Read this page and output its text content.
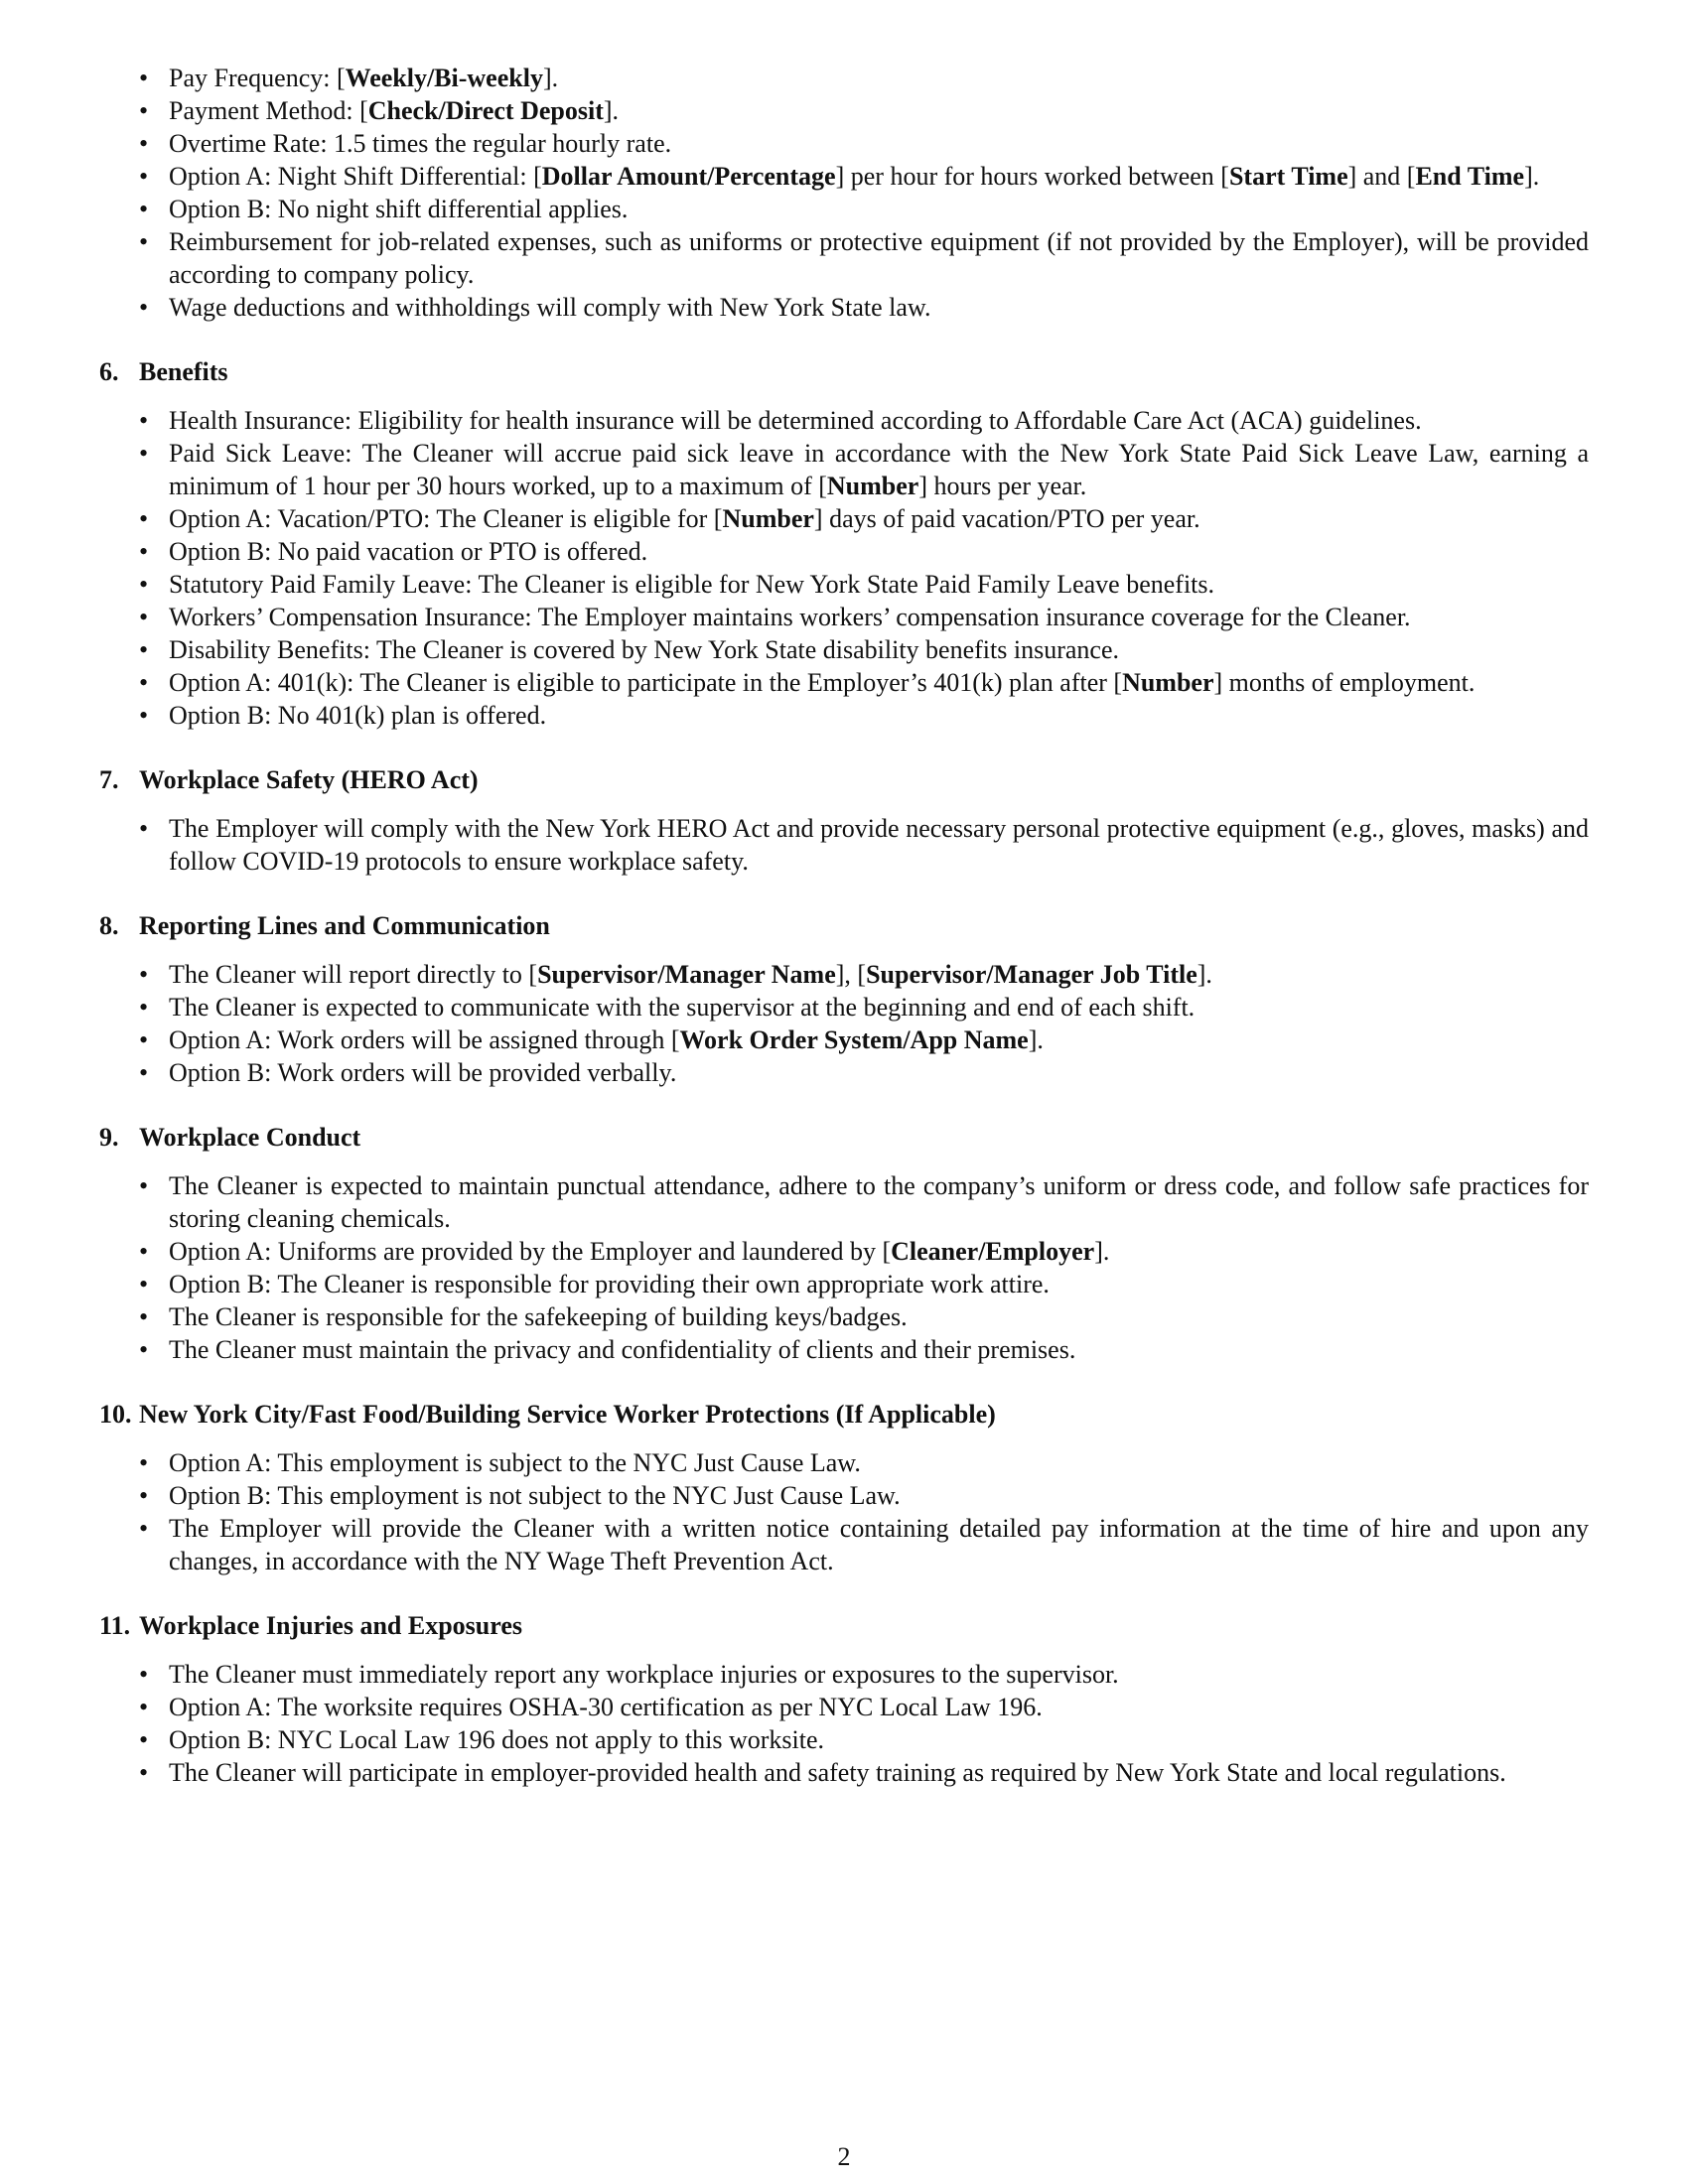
• Pay Frequency: [Weekly/Bi-weekly].
• Payment Method: [Check/Direct Deposit].
• Overtime Rate: 1.5 times the regular hourly rate.
• Option A: Night Shift Differential: [Dollar Amount/Percentage] per hour for hours worked between [Start Time] and [End Time].
• Option B: No night shift differential applies.
• Reimbursement for job-related expenses, such as uniforms or protective equipment (if not provided by the Employer), will be provided according to company policy.
• Wage deductions and withholdings will comply with New York State law.
6. Benefits
• Health Insurance: Eligibility for health insurance will be determined according to Affordable Care Act (ACA) guidelines.
• Paid Sick Leave: The Cleaner will accrue paid sick leave in accordance with the New York State Paid Sick Leave Law, earning a minimum of 1 hour per 30 hours worked, up to a maximum of [Number] hours per year.
• Option A: Vacation/PTO: The Cleaner is eligible for [Number] days of paid vacation/PTO per year.
• Option B: No paid vacation or PTO is offered.
• Statutory Paid Family Leave: The Cleaner is eligible for New York State Paid Family Leave benefits.
• Workers’ Compensation Insurance: The Employer maintains workers’ compensation insurance coverage for the Cleaner.
• Disability Benefits: The Cleaner is covered by New York State disability benefits insurance.
• Option A: 401(k): The Cleaner is eligible to participate in the Employer’s 401(k) plan after [Number] months of employment.
• Option B: No 401(k) plan is offered.
7. Workplace Safety (HERO Act)
• The Employer will comply with the New York HERO Act and provide necessary personal protective equipment (e.g., gloves, masks) and follow COVID-19 protocols to ensure workplace safety.
8. Reporting Lines and Communication
• The Cleaner will report directly to [Supervisor/Manager Name], [Supervisor/Manager Job Title].
• The Cleaner is expected to communicate with the supervisor at the beginning and end of each shift.
• Option A: Work orders will be assigned through [Work Order System/App Name].
• Option B: Work orders will be provided verbally.
9. Workplace Conduct
• The Cleaner is expected to maintain punctual attendance, adhere to the company’s uniform or dress code, and follow safe practices for storing cleaning chemicals.
• Option A: Uniforms are provided by the Employer and laundered by [Cleaner/Employer].
• Option B: The Cleaner is responsible for providing their own appropriate work attire.
• The Cleaner is responsible for the safekeeping of building keys/badges.
• The Cleaner must maintain the privacy and confidentiality of clients and their premises.
10. New York City/Fast Food/Building Service Worker Protections (If Applicable)
• Option A: This employment is subject to the NYC Just Cause Law.
• Option B: This employment is not subject to the NYC Just Cause Law.
• The Employer will provide the Cleaner with a written notice containing detailed pay information at the time of hire and upon any changes, in accordance with the NY Wage Theft Prevention Act.
11. Workplace Injuries and Exposures
• The Cleaner must immediately report any workplace injuries or exposures to the supervisor.
• Option A: The worksite requires OSHA-30 certification as per NYC Local Law 196.
• Option B: NYC Local Law 196 does not apply to this worksite.
• The Cleaner will participate in employer-provided health and safety training as required by New York State and local regulations.
2
